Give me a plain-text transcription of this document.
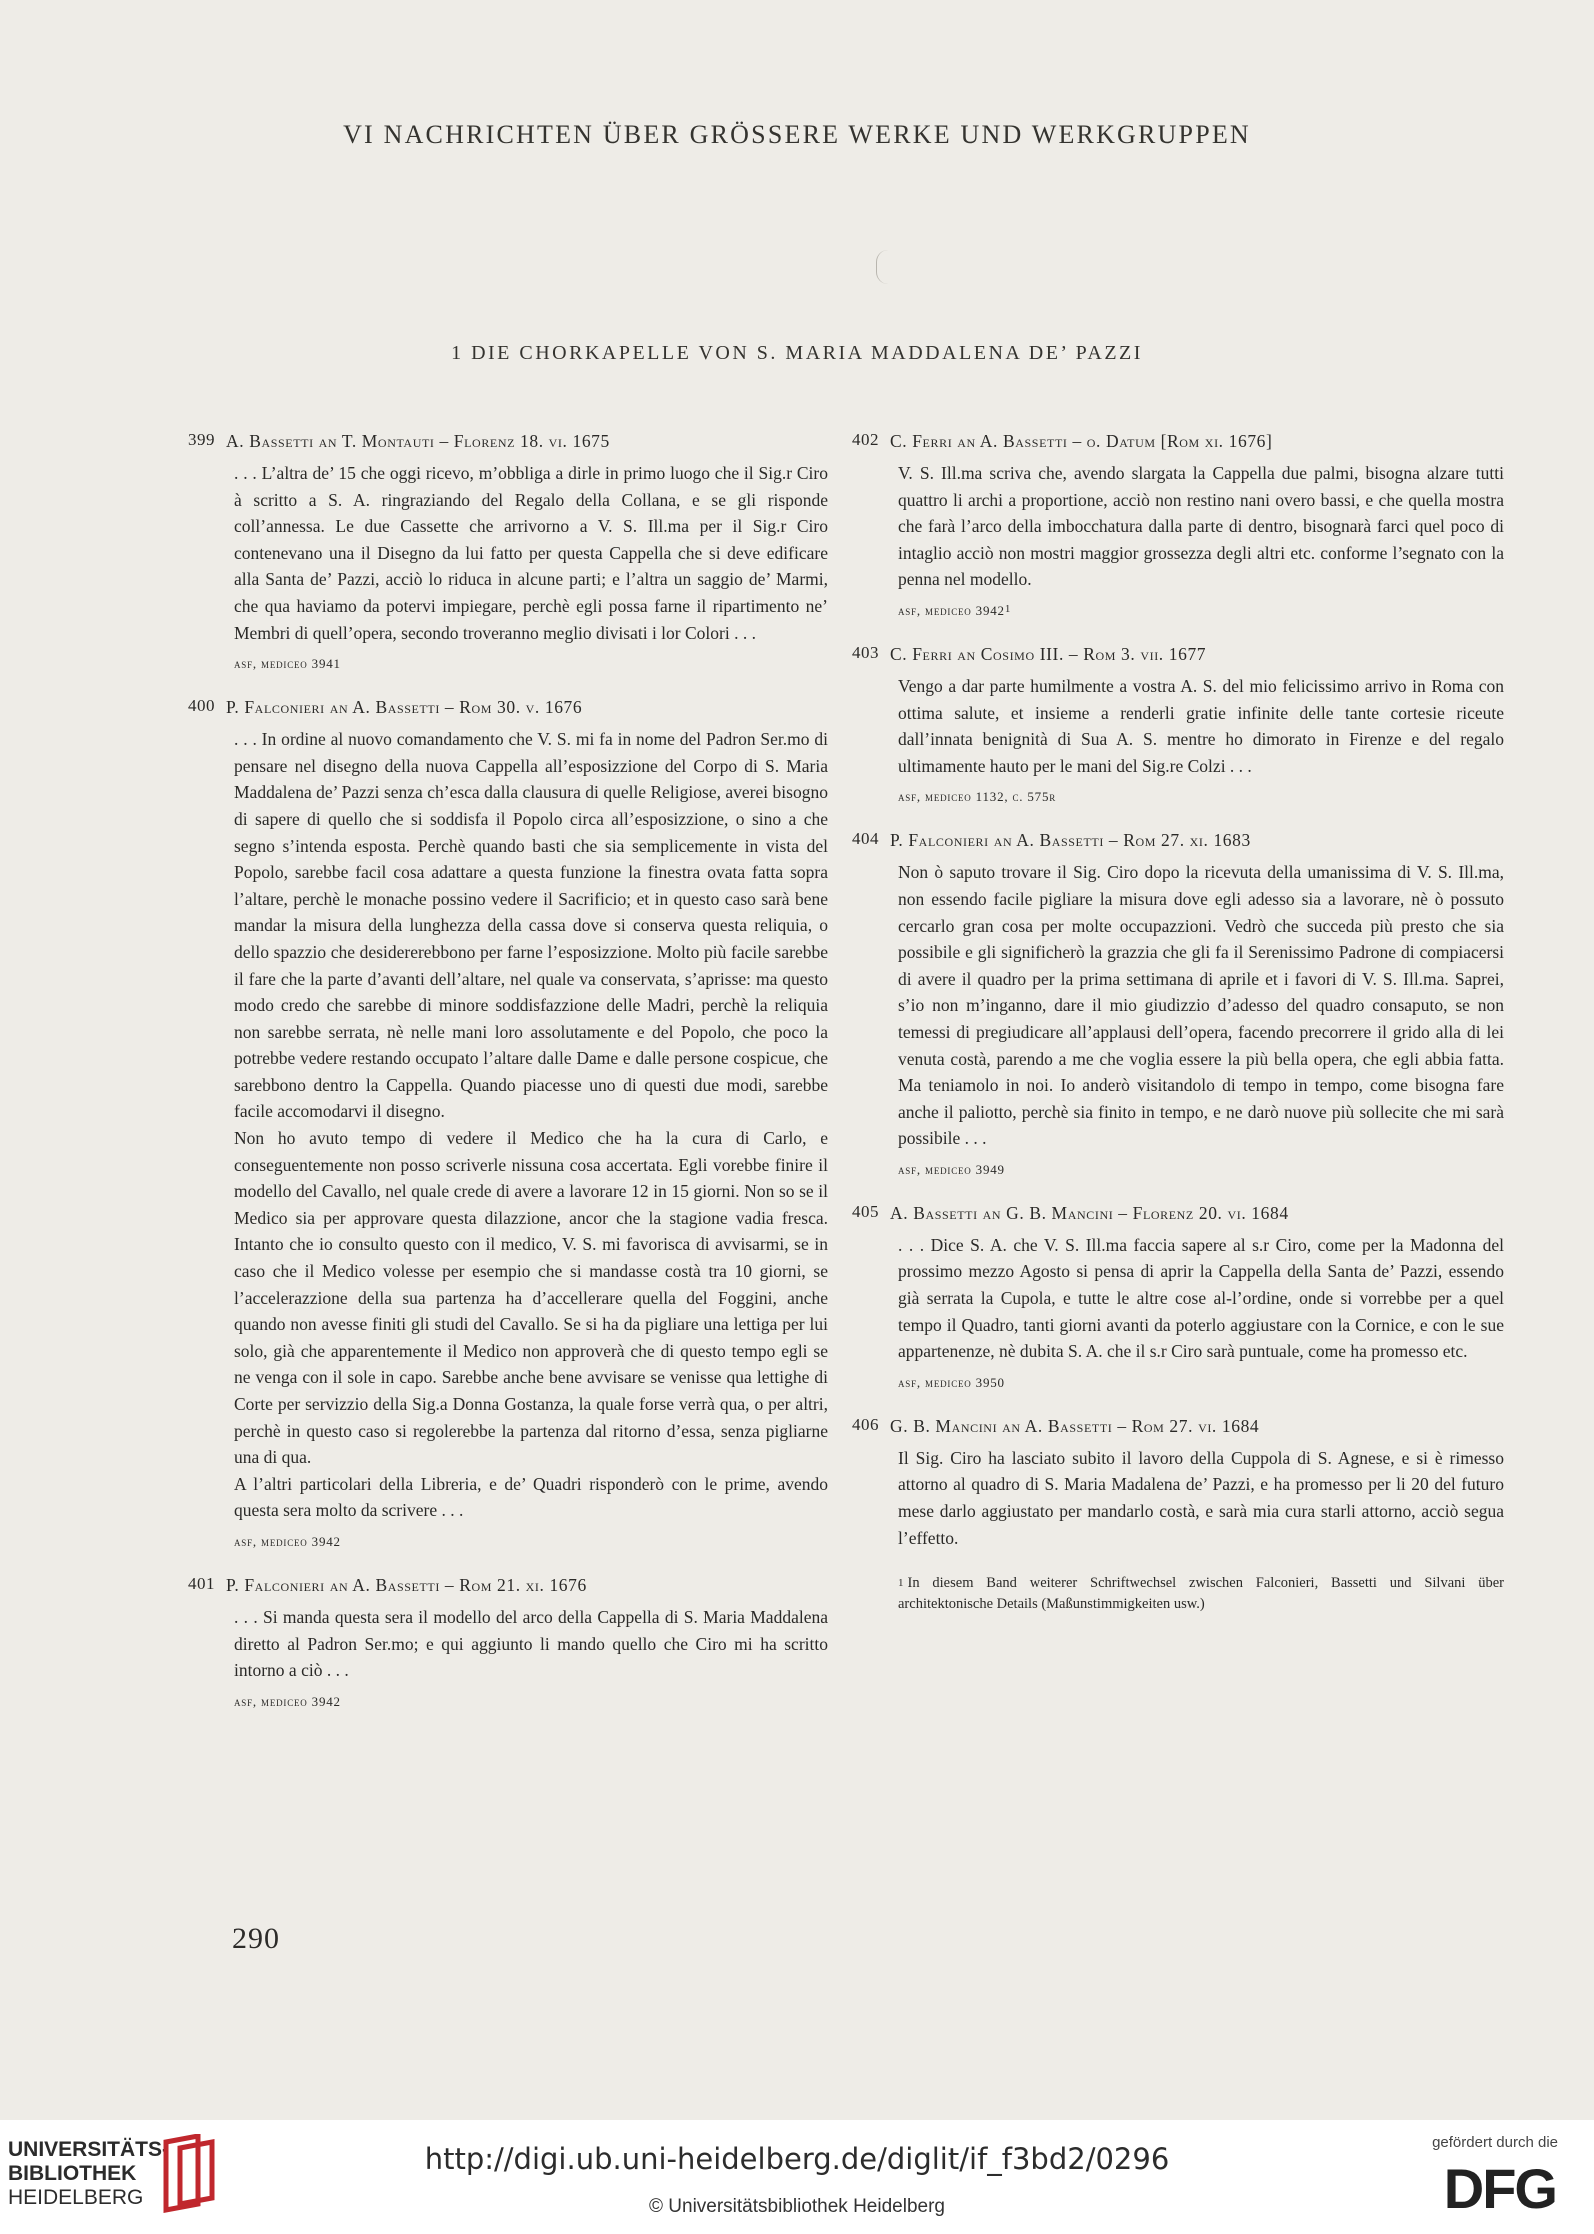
VI NACHRICHTEN ÜBER GRÖSSERE WERKE UND WERKGRUPPEN
1 DIE CHORKAPELLE VON S. MARIA MADDALENA DE’ PAZZI
399 A. Bassetti an T. Montauti – Florenz 18. vi. 1675

. . . L’altra de’ 15 che oggi ricevo, m’obbliga a dirle in primo luogo che il Sig.r Ciro à scritto a S. A. ringraziando del Regalo della Collana, e se gli risponde coll’annessa. Le due Cassette che arrivorno a V. S. Ill.ma per il Sig.r Ciro contenevano una il Disegno da lui fatto per questa Cappella che si deve edificare alla Santa de’ Pazzi, acciò lo riduca in alcune parti; e l’altra un saggio de’ Marmi, che qua haviamo da potervi impiegare, perchè egli possa farne il ripartimento ne’ Membri di quell’opera, secondo troveranno meglio divisati i lor Colori . . .

asf, mediceo 3941
400 P. Falconieri an A. Bassetti – Rom 30. v. 1676

. . . In ordine al nuovo comandamento che V. S. mi fa in nome del Padron Ser.mo di pensare nel disegno della nuova Cappella all’esposizzione del Corpo di S. Maria Maddalena de’ Pazzi senza ch’esca dalla clausura di quelle Religiose, averei bisogno di sapere di quello che si soddisfa il Popolo circa all’esposizzione, o sino a che segno s’intenda esposta. Perchè quando basti che sia semplicemente in vista del Popolo, sarebbe facil cosa adattare a questa funzione la finestra ovata fatta sopra l’altare, perchè le monache possino vedere il Sacrificio; et in questo caso sarà bene mandar la misura della lunghezza della cassa dove si conserva questa reliquia, o dello spazzio che desidererebbono per farne l’esposizzione. Molto più facile sarebbe il fare che la parte d’avanti dell’altare, nel quale va conservata, s’aprisse: ma questo modo credo che sarebbe di minore soddisfazzione delle Madri, perchè la reliquia non sarebbe serrata, nè nelle mani loro assolutamente e del Popolo, che poco la potrebbe vedere restando occupato l’altare dalle Dame e dalle persone cospicue, che sarebbono dentro la Cappella. Quando piacesse uno di questi due modi, sarebbe facile accomodarvi il disegno.

Non ho avuto tempo di vedere il Medico che ha la cura di Carlo, e conseguentemente non posso scriverle nissuna cosa accertata. Egli vorebbe finire il modello del Cavallo, nel quale crede di avere a lavorare 12 in 15 giorni. Non so se il Medico sia per approvare questa dilazzione, ancor che la stagione vadia fresca. Intanto che io consulto questo con il medico, V. S. mi favorisca di avvisarmi, se in caso che il Medico volesse per esempio che si mandasse costà tra 10 giorni, se l’accelerazzione della sua partenza ha d’accellerare quella del Foggini, anche quando non avesse finiti gli studi del Cavallo. Se si ha da pigliare una lettiga per lui solo, già che apparentemente il Medico non approverà che di questo tempo egli se ne venga con il sole in capo. Sarebbe anche bene avvisare se venisse qua lettighe di Corte per servizzio della Sig.a Donna Gostanza, la quale forse verrà qua, o per altri, perchè in questo caso si regolerebbe la partenza dal ritorno d’essa, senza pigliarne una di qua.

A l’altri particolari della Libreria, e de’ Quadri risponderò con le prime, avendo questa sera molto da scrivere . . .

asf, mediceo 3942
401 P. Falconieri an A. Bassetti – Rom 21. xi. 1676

. . . Si manda questa sera il modello del arco della Cappella di S. Maria Maddalena diretto al Padron Ser.mo; e qui aggiunto li mando quello che Ciro mi ha scritto intorno a ciò . . .

asf, mediceo 3942
402 C. Ferri an A. Bassetti – o. Datum [Rom xi. 1676]

V. S. Ill.ma scriva che, avendo slargata la Cappella due palmi, bisogna alzare tutti quattro li archi a proportione, acciò non restino nani overo bassi, e che quella mostra che farà l’arco della imbocchatura dalla parte di dentro, bisognarà farci quel poco di intaglio acciò non mostri maggior grossezza degli altri etc. conforme l’segnato con la penna nel modello.

asf, mediceo 3942$^1$
403 C. Ferri an Cosimo III. – Rom 3. vii. 1677

Vengo a dar parte humilmente a vostra A. S. del mio felicissimo arrivo in Roma con ottima salute, et insieme a renderli gratie infinite delle tante cortesie riceute dall’innata benignità di Sua A. S. mentre ho dimorato in Firenze e del regalo ultimamente hauto per le mani del Sig.re Colzi . . .

asf, mediceo 1132, c. 575r
404 P. Falconieri an A. Bassetti – Rom 27. xi. 1683

Non ò saputo trovare il Sig. Ciro dopo la ricevuta della umanissima di V. S. Ill.ma, non essendo facile pigliare la misura dove egli adesso sia a lavorare, nè ò possuto cercarlo gran cosa per molte occupazzioni. Vedrò che succeda più presto che sia possibile e gli significherò la grazzia che gli fa il Serenissimo Padrone di compiacersi di avere il quadro per la prima settimana di aprile et i favori di V. S. Ill.ma. Saprei, s’io non m’inganno, dare il mio giudizzio d’adesso del quadro consaputo, se non temessi di pregiudicare all’applausi dell’opera, facendo precorrere il grido alla di lei venuta costà, parendo a me che voglia essere la più bella opera, che egli abbia fatta. Ma teniamolo in noi. Io anderò visitandolo di tempo in tempo, come bisogna fare anche il paliotto, perchè sia finito in tempo, e ne darò nuove più sollecite che mi sarà possibile . . .

asf, mediceo 3949
405 A. Bassetti an G. B. Mancini – Florenz 20. vi. 1684

. . . Dice S. A. che V. S. Ill.ma faccia sapere al s.r Ciro, come per la Madonna del prossimo mezzo Agosto si pensa di aprir la Cappella della Santa de’ Pazzi, essendo già serrata la Cupola, e tutte le altre cose al-l’ordine, onde si vorrebbe per a quel tempo il Quadro, tanti giorni avanti da poterlo aggiustare con la Cornice, e con le sue appartenenze, nè dubita S. A. che il s.r Ciro sarà puntuale, come ha promesso etc.

asf, mediceo 3950
406 G. B. Mancini an A. Bassetti – Rom 27. vi. 1684

Il Sig. Ciro ha lasciato subito il lavoro della Cuppola di S. Agnese, e si è rimesso attorno al quadro di S. Maria Madalena de’ Pazzi, e ha promesso per li 20 del futuro mese darlo aggiustato per mandarlo costà, e sarà mia cura starli attorno, acciò segua l’effetto.

$^1$ In diesem Band weiterer Schriftwechsel zwischen Falconieri, Bassetti und Silvani über architektonische Details (Maßunstimmigkeiten usw.)
290
UNIVERSITÄTS-
BIBLIOTHEK
HEIDELBERG
http://digi.ub.uni-heidelberg.de/diglit/if_f3bd2/0296
© Universitätsbibliothek Heidelberg
gefördert durch die
DFG
